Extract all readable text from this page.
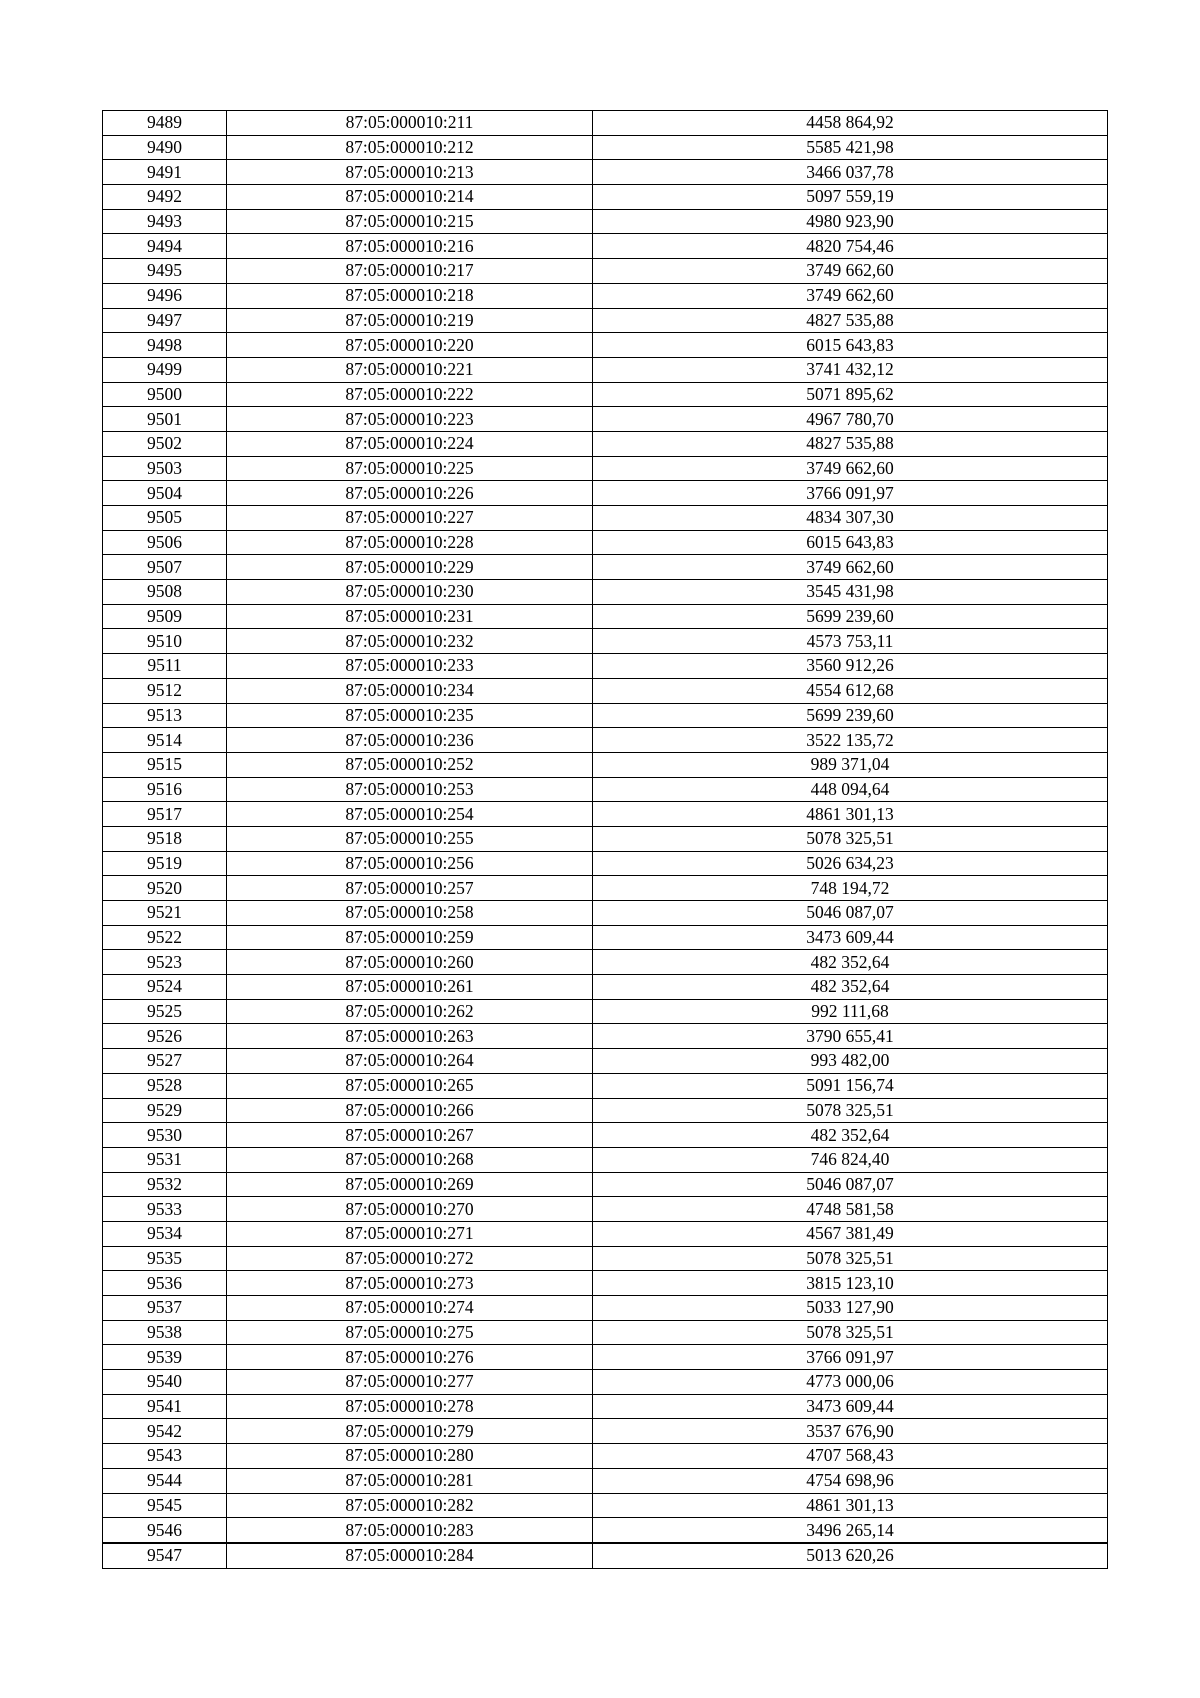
9489	87:05:000010:211	4458 864,92
9490	87:05:000010:212	5585 421,98
9491	87:05:000010:213	3466 037,78
9492	87:05:000010:214	5097 559,19
9493	87:05:000010:215	4980 923,90
9494	87:05:000010:216	4820 754,46
9495	87:05:000010:217	3749 662,60
9496	87:05:000010:218	3749 662,60
9497	87:05:000010:219	4827 535,88
9498	87:05:000010:220	6015 643,83
9499	87:05:000010:221	3741 432,12
9500	87:05:000010:222	5071 895,62
9501	87:05:000010:223	4967 780,70
9502	87:05:000010:224	4827 535,88
9503	87:05:000010:225	3749 662,60
9504	87:05:000010:226	3766 091,97
9505	87:05:000010:227	4834 307,30
9506	87:05:000010:228	6015 643,83
9507	87:05:000010:229	3749 662,60
9508	87:05:000010:230	3545 431,98
9509	87:05:000010:231	5699 239,60
9510	87:05:000010:232	4573 753,11
9511	87:05:000010:233	3560 912,26
9512	87:05:000010:234	4554 612,68
9513	87:05:000010:235	5699 239,60
9514	87:05:000010:236	3522 135,72
9515	87:05:000010:252	989 371,04
9516	87:05:000010:253	448 094,64
9517	87:05:000010:254	4861 301,13
9518	87:05:000010:255	5078 325,51
9519	87:05:000010:256	5026 634,23
9520	87:05:000010:257	748 194,72
9521	87:05:000010:258	5046 087,07
9522	87:05:000010:259	3473 609,44
9523	87:05:000010:260	482 352,64
9524	87:05:000010:261	482 352,64
9525	87:05:000010:262	992 111,68
9526	87:05:000010:263	3790 655,41
9527	87:05:000010:264	993 482,00
9528	87:05:000010:265	5091 156,74
9529	87:05:000010:266	5078 325,51
9530	87:05:000010:267	482 352,64
9531	87:05:000010:268	746 824,40
9532	87:05:000010:269	5046 087,07
9533	87:05:000010:270	4748 581,58
9534	87:05:000010:271	4567 381,49
9535	87:05:000010:272	5078 325,51
9536	87:05:000010:273	3815 123,10
9537	87:05:000010:274	5033 127,90
9538	87:05:000010:275	5078 325,51
9539	87:05:000010:276	3766 091,97
9540	87:05:000010:277	4773 000,06
9541	87:05:000010:278	3473 609,44
9542	87:05:000010:279	3537 676,90
9543	87:05:000010:280	4707 568,43
9544	87:05:000010:281	4754 698,96
9545	87:05:000010:282	4861 301,13
9546	87:05:000010:283	3496 265,14
9547	87:05:000010:284	5013 620,26
